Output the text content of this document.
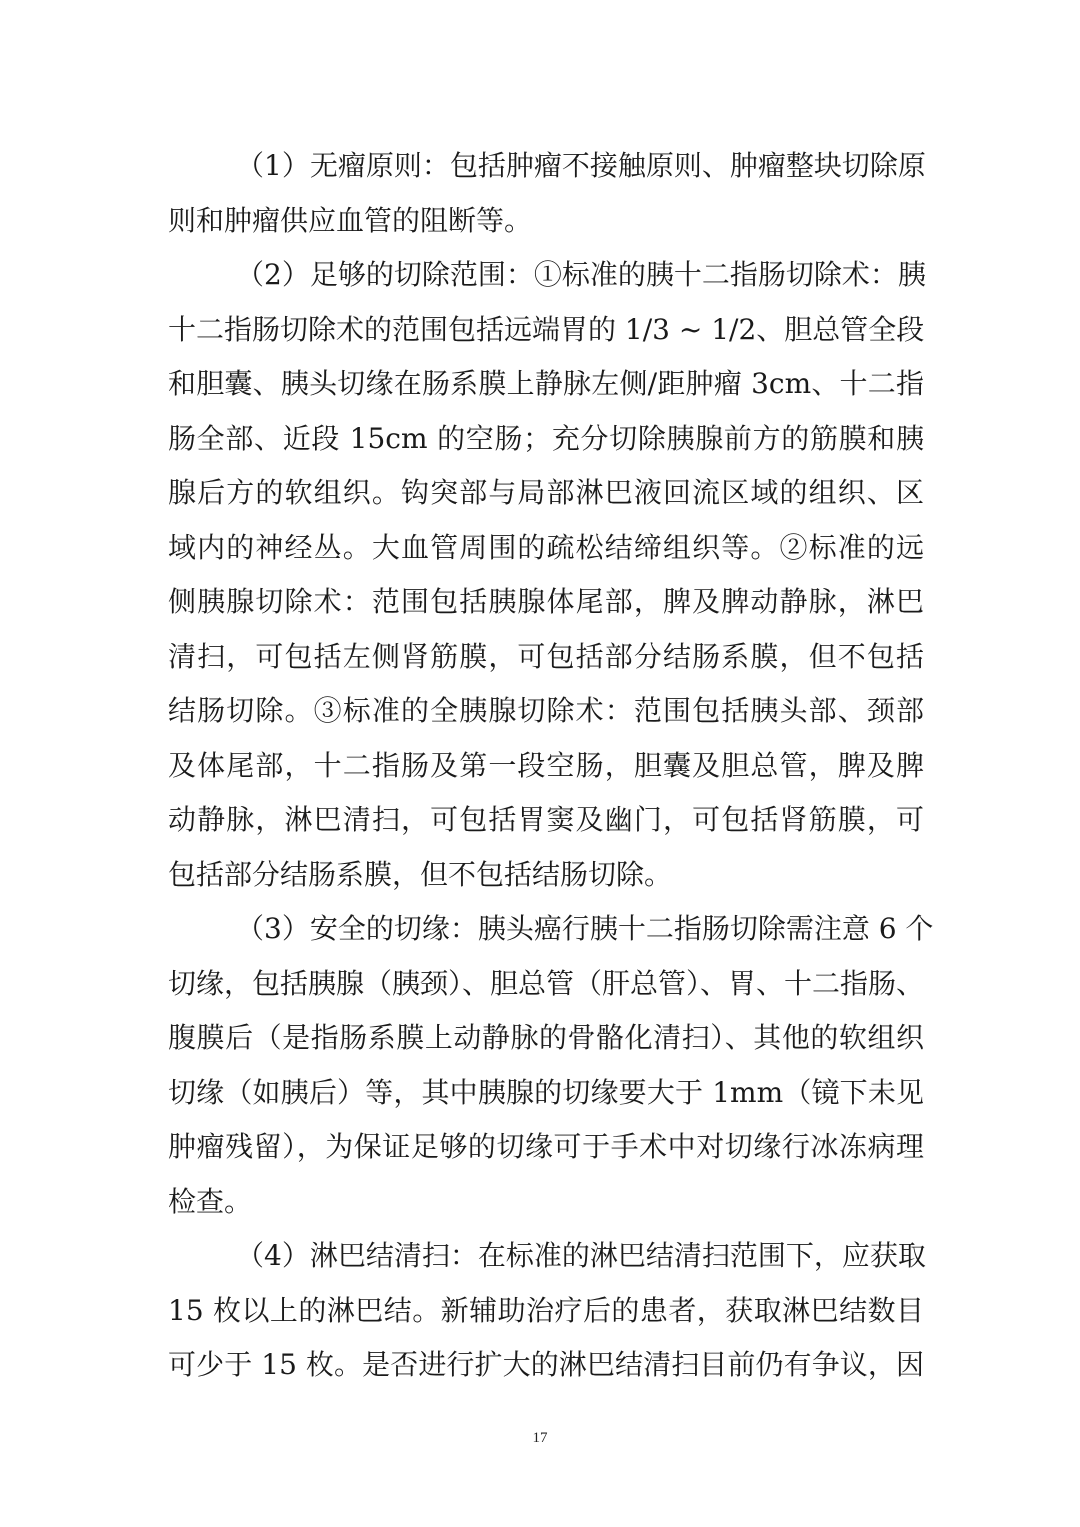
（1）无瘤原则：包括肿瘤不接触原则、肿瘤整块切除原
则和肿瘤供应血管的阻断等。
（2）足够的切除范围：①标准的胰十二指肠切除术：胰
十二指肠切除术的范围包括远端胃的 1/3 ~ 1/2、胆总管全段
和胆囊、胰头切缘在肠系膜上静脉左侧/距肿瘤 3cm、十二指
肠全部、近段 15cm 的空肠；充分切除胰腺前方的筋膜和胰
腺后方的软组织。钩突部与局部淋巴液回流区域的组织、区
域内的神经丛。大血管周围的疏松结缔组织等。②标准的远
侧胰腺切除术：范围包括胰腺体尾部，脾及脾动静脉，淋巴
清扫，可包括左侧肾筋膜，可包括部分结肠系膜，但不包括
结肠切除。③标准的全胰腺切除术：范围包括胰头部、颈部
及体尾部，十二指肠及第一段空肠，胆囊及胆总管，脾及脾
动静脉，淋巴清扫，可包括胃窦及幽门，可包括肾筋膜，可
包括部分结肠系膜，但不包括结肠切除。
（3）安全的切缘：胰头癌行胰十二指肠切除需注意 6 个
切缘，包括胰腺（胰颈）、胆总管（肝总管）、胃、十二指肠、
腹膜后（是指肠系膜上动静脉的骨骼化清扫）、其他的软组织
切缘（如胰后）等，其中胰腺的切缘要大于 1mm（镜下未见
肿瘤残留），为保证足够的切缘可于手术中对切缘行冰冻病理
检查。
（4）淋巴结清扫：在标准的淋巴结清扫范围下，应获取
15 枚以上的淋巴结。新辅助治疗后的患者，获取淋巴结数目
可少于 15 枚。是否进行扩大的淋巴结清扫目前仍有争议，因
17
